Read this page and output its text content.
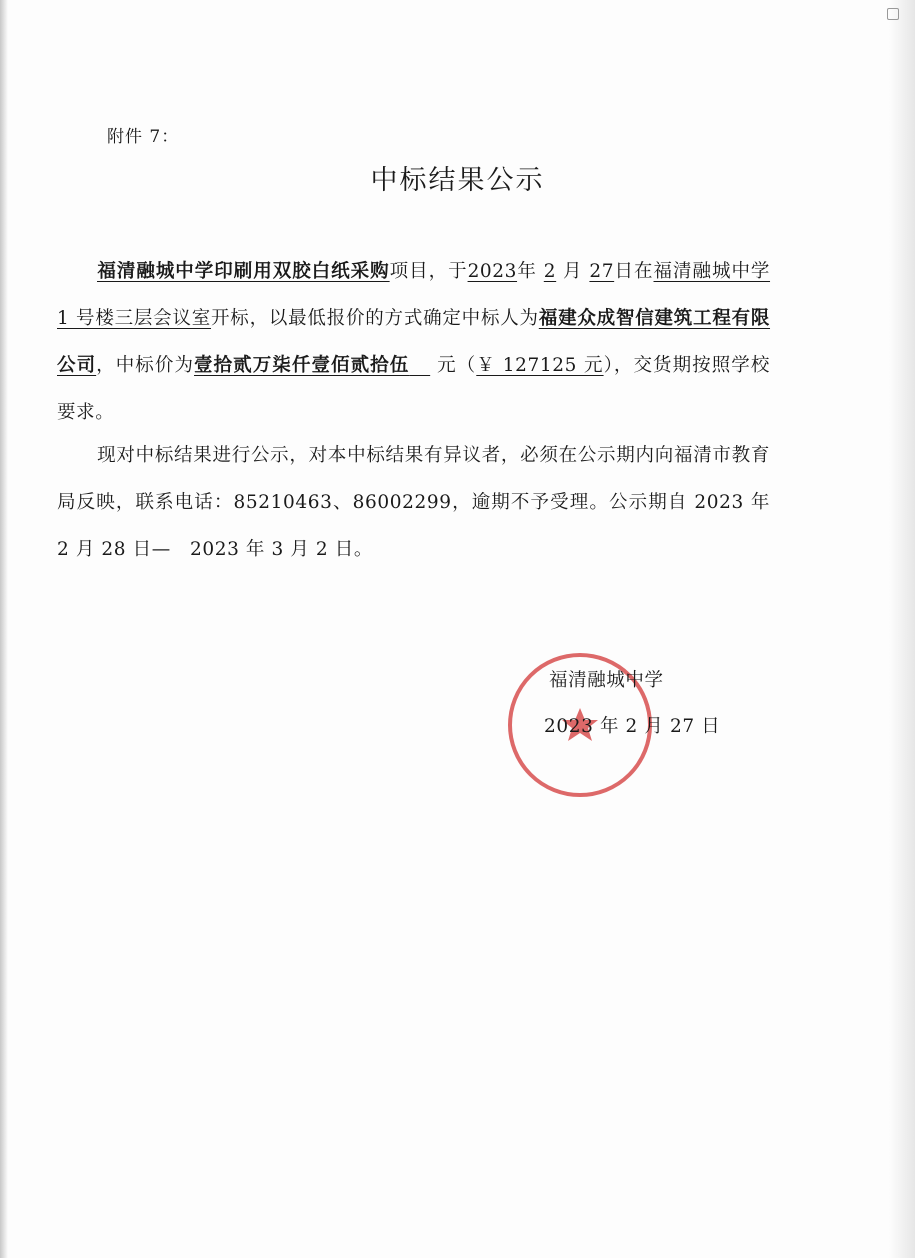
附件 7：
中标结果公示
福清融城中学印刷用双胶白纸采购项目，于2023年 2 月 27日在福清融城中学 1 号楼三层会议室开标，以最低报价的方式确定中标人为福建众成智信建筑工程有限公司，中标价为壹拾贰万柒仟壹佰贰拾伍 元（￥ 127125 元），交货期按照学校要求。
现对中标结果进行公示，对本中标结果有异议者，必须在公示期内向福清市教育局反映，联系电话：85210463、86002299，逾期不予受理。公示期自 2023 年 2 月 28 日—　2023 年 3 月 2 日。
福清融城中学
2023 年 2 月 27 日
